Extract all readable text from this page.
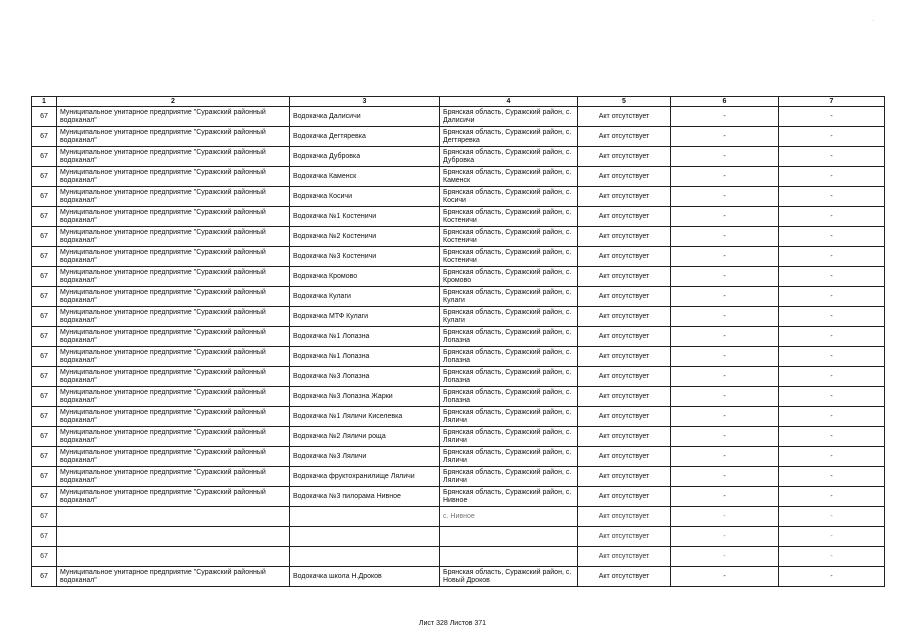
1	2	3	4	5	6	7
67	Муниципальное унитарное предприятие "Суражский районный водоканал"	Водокачка Далисичи	Брянская область, Суражский район, с. Далисичи	Акт отсутствует	-	-
67	Муниципальное унитарное предприятие "Суражский районный водоканал"	Водокачка Дегтяревка	Брянская область, Суражский район, с. Дегтяревка	Акт отсутствует	-	-
67	Муниципальное унитарное предприятие "Суражский районный водоканал"	Водокачка Дубровка	Брянская область, Суражский район, с. Дубровка	Акт отсутствует	-	-
67	Муниципальное унитарное предприятие "Суражский районный водоканал"	Водокачка Каменск	Брянская область, Суражский район, с. Каменск	Акт отсутствует	-	-
67	Муниципальное унитарное предприятие "Суражский районный водоканал"	Водокачка Косичи	Брянская область, Суражский район, с. Косичи	Акт отсутствует	-	-
67	Муниципальное унитарное предприятие "Суражский районный водоканал"	Водокачка №1 Костеничи	Брянская область, Суражский район, с. Костеничи	Акт отсутствует	-	-
67	Муниципальное унитарное предприятие "Суражский районный водоканал"	Водокачка №2 Костеничи	Брянская область, Суражский район, с. Костеничи	Акт отсутствует	-	-
67	Муниципальное унитарное предприятие "Суражский районный водоканал"	Водокачка №3 Костеничи	Брянская область, Суражский район, с. Костеничи	Акт отсутствует	-	-
67	Муниципальное унитарное предприятие "Суражский районный водоканал"	Водокачка Кромово	Брянская область, Суражский район, с. Кромово	Акт отсутствует	-	-
67	Муниципальное унитарное предприятие "Суражский районный водоканал"	Водокачка Кулаги	Брянская область, Суражский район, с. Кулаги	Акт отсутствует	-	-
67	Муниципальное унитарное предприятие "Суражский районный водоканал"	Водокачка МТФ Кулаги	Брянская область, Суражский район, с. Кулаги	Акт отсутствует	-	-
67	Муниципальное унитарное предприятие "Суражский районный водоканал"	Водокачка №1 Лопазна	Брянская область, Суражский район, с. Лопазна	Акт отсутствует	-	-
67	Муниципальное унитарное предприятие "Суражский районный водоканал"	Водокачка №1 Лопазна	Брянская область, Суражский район, с. Лопазна	Акт отсутствует	-	-
67	Муниципальное унитарное предприятие "Суражский районный водоканал"	Водокачка №3 Лопазна	Брянская область, Суражский район, с. Лопазна	Акт отсутствует	-	-
67	Муниципальное унитарное предприятие "Суражский районный водоканал"	Водокачка №3 Лопазна Жарки	Брянская область, Суражский район, с. Лопазна	Акт отсутствует	-	-
67	Муниципальное унитарное предприятие "Суражский районный водоканал"	Водокачка №1 Ляличи Киселевка	Брянская область, Суражский район, с. Ляличи	Акт отсутствует	-	-
67	Муниципальное унитарное предприятие "Суражский районный водоканал"	Водокачка №2 Ляличи роща	Брянская область, Суражский район, с. Ляличи	Акт отсутствует	-	-
67	Муниципальное унитарное предприятие "Суражский районный водоканал"	Водокачка №3 Ляличи	Брянская область, Суражский район, с. Ляличи	Акт отсутствует	-	-
67	Муниципальное унитарное предприятие "Суражский районный водоканал"	Водокачка фруктохранилище Ляличи	Брянская область, Суражский район, с. Ляличи	Акт отсутствует	-	-
67	Муниципальное унитарное предприятие "Суражский районный водоканал"	Водокачка №3 пилорама Нивное	Брянская область, Суражский район, с. Нивное	Акт отсутствует	-	-
67			с. Нивное	Акт отсутствует	-	-
67				Акт отсутствует	-	-
67				Акт отсутствует	-	-
67	Муниципальное унитарное предприятие "Суражский районный водоканал"	Водокачка школа Н.Дроков	Брянская область, Суражский район, с. Новый Дроков	Акт отсутствует	-	-
Лист 328 Листов 371
·
